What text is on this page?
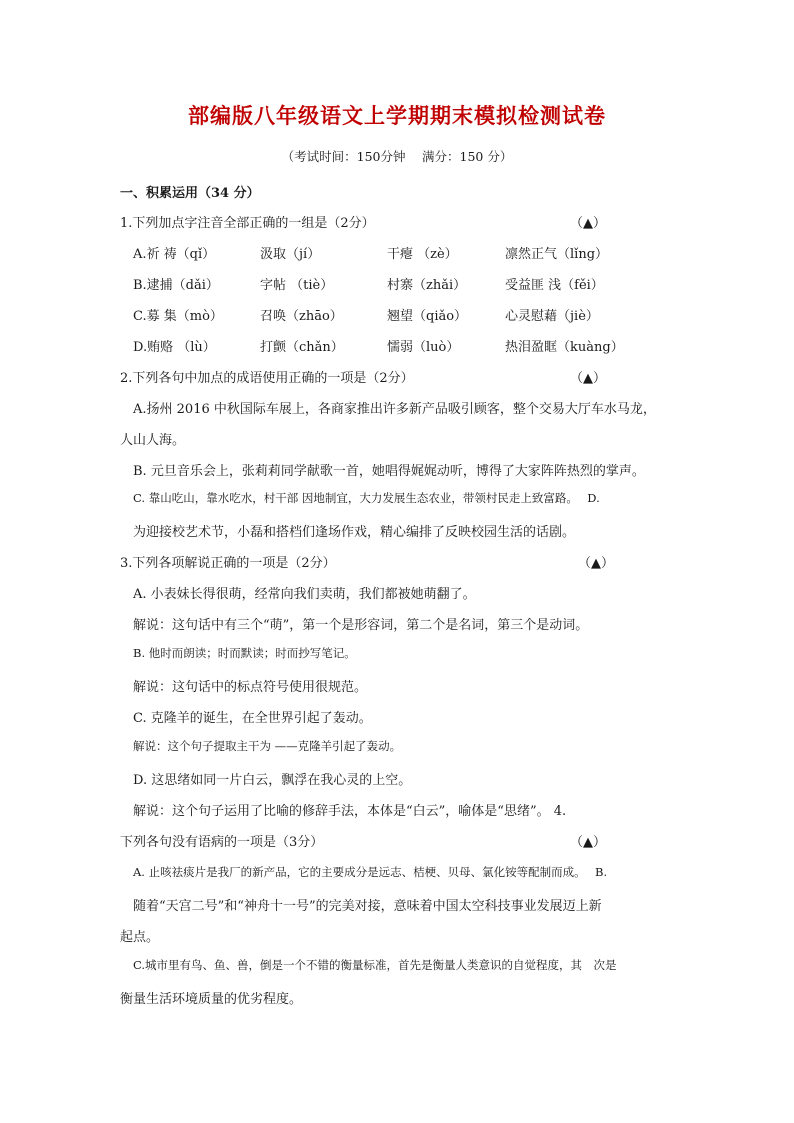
部编版八年级语文上学期期末模拟检测试卷
（考试时间：150分钟　 满分：150 分）
一、积累运用（34 分）
1.下列加点字注音全部正确的一组是（2分）	（▲）
A.祈 祷（qǐ）	汲取（jí）	干瘪 （zè）	凛然正气（lǐng）
B.逮捕（dǎi）	字帖 （tiè）	村寨（zhǎi）	受益匪 浅（fěi）
C.募 集（mò）	召唤（zhāo）	翘望（qiǎo）	心灵慰藉（jiè）
D.贿赂 （lù）	打颤（chǎn）	懦弱（luò）	热泪盈眶（kuàng）
2.下列各句中加点的成语使用正确的一项是（2分）	（▲）
A.扬州 2016 中秋国际车展上，各商家推出许多新产品吸引顾客，整个交易大厅车水马龙，
人山人海。
B. 元旦音乐会上，张莉莉同学献歌一首，她唱得娓娓动听，博得了大家阵阵热烈的掌声。
C. 靠山吃山，靠水吃水，村干部 因地制宜，大力发展生态农业，带领村民走上致富路。　 D.
为迎接校艺术节，小磊和搭档们逢场作戏，精心编排了反映校园生活的话剧。
3.下列各项解说正确的一项是（2分）	（▲）
A. 小表妹长得很萌，经常向我们卖萌，我们都被她萌翻了。
解说：这句话中有三个“萌”，第一个是形容词，第二个是名词，第三个是动词。
B. 他时而朗读；时而默读；时而抄写笔记。
解说：这句话中的标点符号使用很规范。
C. 克隆羊的诞生，在全世界引起了轰动。
解说：这个句子提取主干为 ——克隆羊引起了轰动。
D. 这思绪如同一片白云，飘浮在我心灵的上空。
解说：这个句子运用了比喻的修辞手法，本体是“白云”，喻体是“思绪”。 4.
下列各句没有语病的一项是（3分）	（▲）
A. 止咳祛痰片是我厂的新产品，它的主要成分是远志、桔梗、贝母、氯化铵等配制而成。　 B.
随着“天宫二号”和“神舟十一号”的完美对接，意味着中国太空科技事业发展迈上新
起点。
C.城市里有鸟、鱼、兽，倒是一个不错的衡量标准，首先是衡量人类意识的自觉程度，其　次是
衡量生活环境质量的优劣程度。
